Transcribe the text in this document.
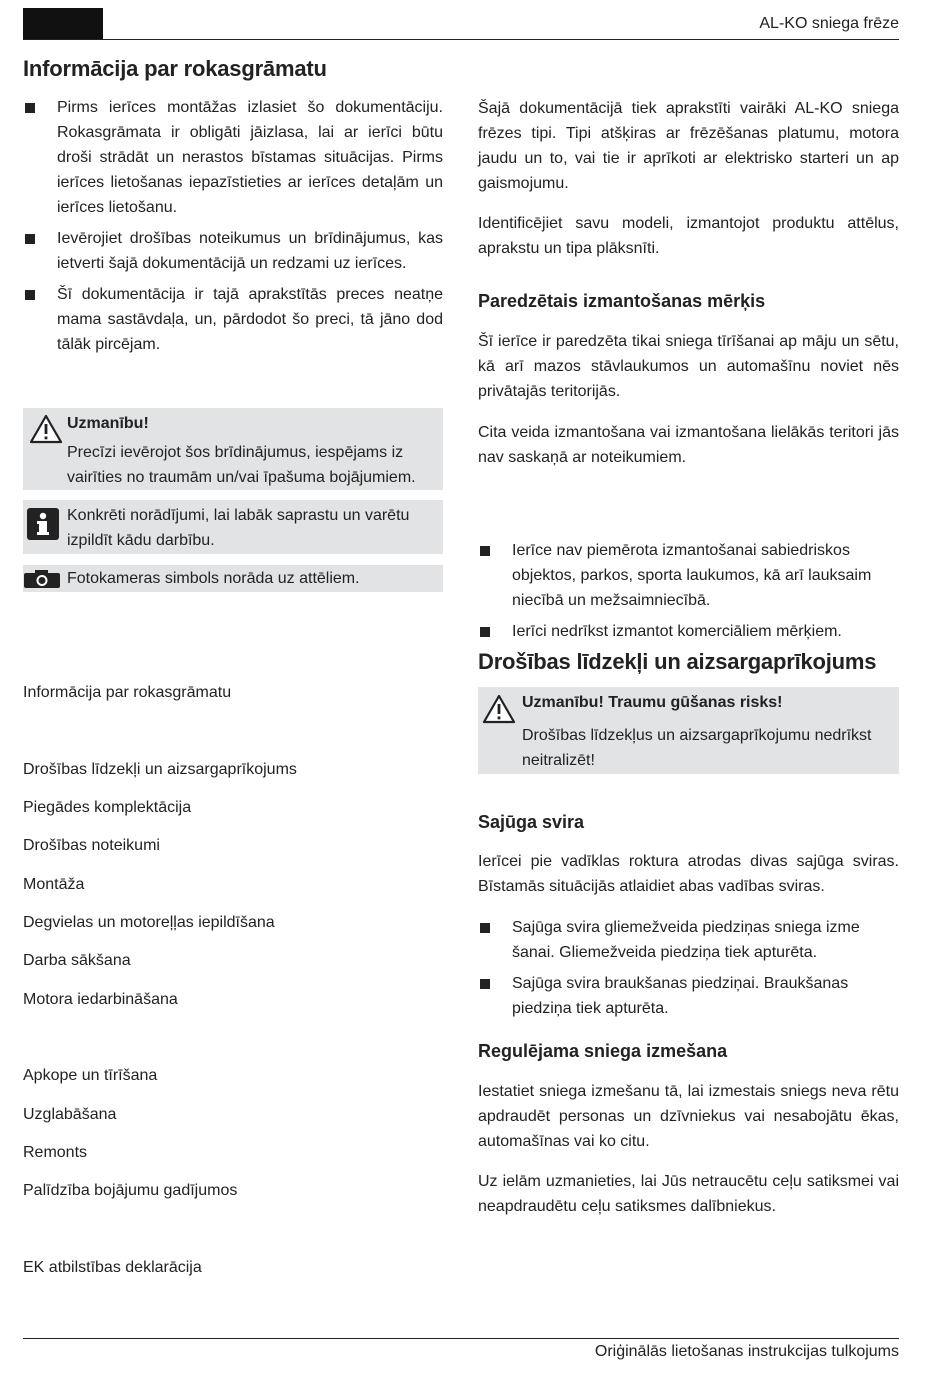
AL-KO sniega frēze
Oriģinālās lietošanas instrukcijas tulkojums
Informācija par rokasgrāmatu
Pirms ierīces montāžas izlasiet šo dokumentāciju. Rokasgrāmata ir obligāti jāizlasa, lai ar ierīci būtu droši strādāt un nerastos bīstamas situācijas. Pirms ierīces lietošanas iepazīstieties ar ierīces detaļām un ierīces lietošanu.
Ievērojiet drošības noteikumus un brīdinājumus, kas ietverti šajā dokumentācijā un redzami uz ierīces.
Šī dokumentācija ir tajā aprakstītās preces neatņe mama sastāvdaļa, un, pārdodot šo preci, tā jāno dod tālāk pircējam.
Uzmanību!
Precīzi ievērojot šos brīdinājumus, iespējams iz vairīties no traumām un/vai īpašuma bojājumiem.
Konkrēti norādījumi, lai labāk saprastu un varētu izpildīt kādu darbību.
Fotokameras simbols norāda uz attēliem.
Informācija par rokasgrāmatu
Drošības līdzekļi un aizsargaprīkojums
Piegādes komplektācija
Drošības noteikumi
Montāža
Degvielas un motoreļļas iepildīšana
Darba sākšana
Motora iedarbināšana
Apkope un tīrīšana
Uzglabāšana
Remonts
Palīdzība bojājumu gadījumos
EK atbilstības deklarācija

Šajā dokumentācijā tiek aprakstīti vairāki AL-KO sniega frēzes tipi. Tipi atšķiras ar frēzēšanas platumu, motora jaudu un to, vai tie ir aprīkoti ar elektrisko starteri un ap gaismojumu.

Identificējiet savu modeli, izmantojot produktu attēlus, aprakstu un tipa plāksnīti.

Paredzētais izmantošanas mērķis

Šī ierīce ir paredzēta tikai sniega tīrīšanai ap māju un sētu, kā arī mazos stāvlaukumos un automašīnu noviet nēs privātajās teritorijās.

Cita veida izmantošana vai izmantošana lielākās teritori jās nav saskaņā ar noteikumiem.

Ierīce nav piemērota izmantošanai sabiedriskos objektos, parkos, sporta laukumos, kā arī lauksaim niecībā un mežsaimniecībā.
Ierīci nedrīkst izmantot komerciāliem mērķiem.
Drošības līdzekļi un aizsargaprīkojums
Uzmanību! Traumu gūšanas risks!
Drošības līdzekļus un aizsargaprīkojumu nedrīkst neitralizēt!
Sajūga svira

Ierīcei pie vadīklas roktura atrodas divas sajūga sviras. Bīstamās situācijās atlaidiet abas vadības sviras.

Sajūga svira gliemežveida piedziņas sniega izme šanai. Gliemežveida piedziņa tiek apturēta.
Sajūga svira braukšanas piedziņai. Braukšanas piedziņa tiek apturēta.
Regulējama sniega izmešana

Iestatiet sniega izmešanu tā, lai izmestais sniegs neva rētu apdraudēt personas un dzīvniekus vai nesabojātu ēkas, automašīnas vai ko citu.

Uz ielām uzmanieties, lai Jūs netraucētu ceļu satiksmei vai neapdraudētu ceļu satiksmes dalībniekus.
